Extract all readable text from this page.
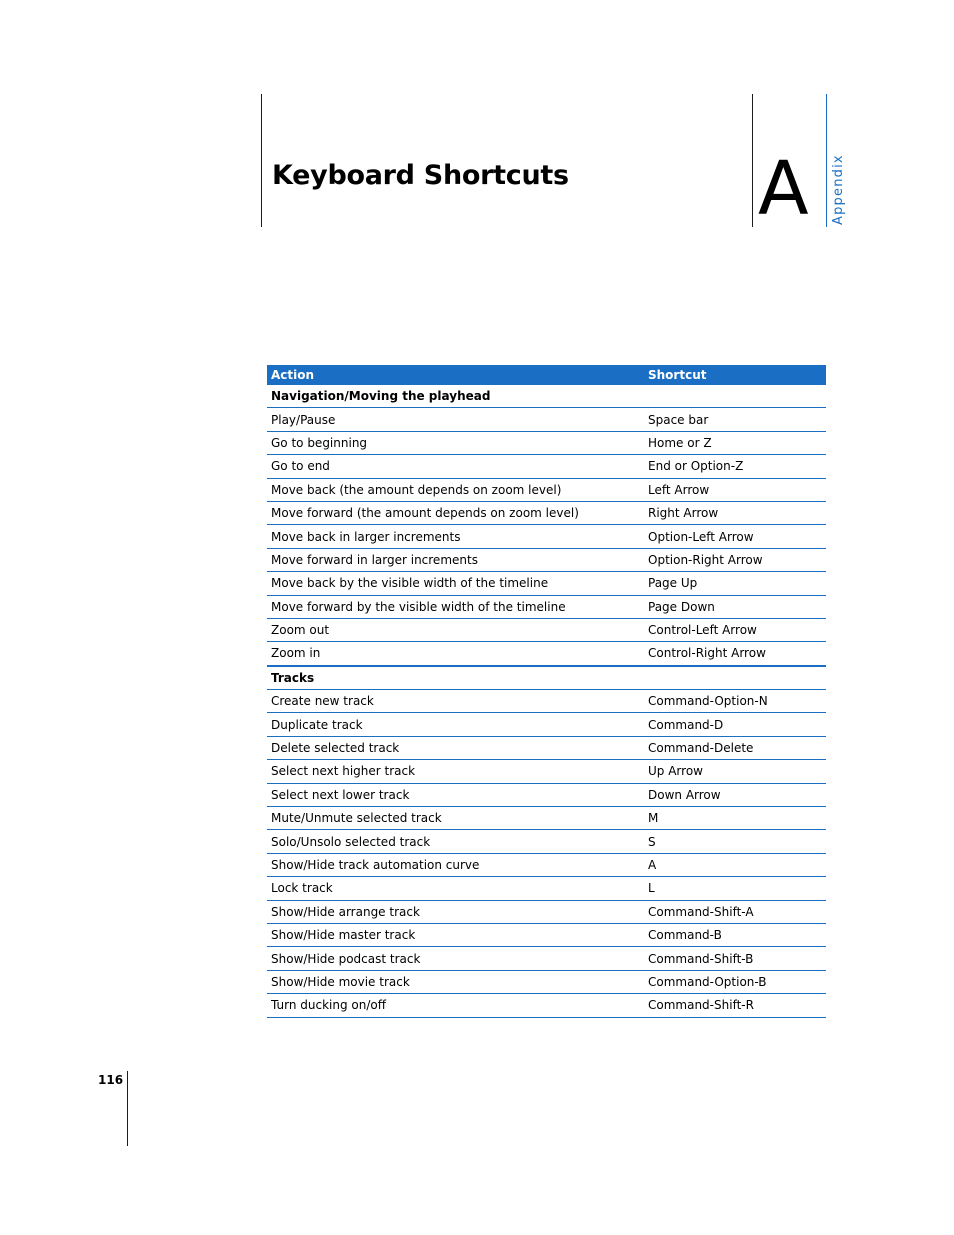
Keyboard Shortcuts	A Appendix
Action	Shortcut
Navigation/Moving the playhead	
Play/Pause	Space bar
Go to beginning	Home or Z
Go to end	End or Option-Z
Move back (the amount depends on zoom level)	Left Arrow
Move forward (the amount depends on zoom level)	Right Arrow
Move back in larger increments	Option-Left Arrow
Move forward in larger increments	Option-Right Arrow
Move back by the visible width of the timeline	Page Up
Move forward by the visible width of the timeline	Page Down
Zoom out	Control-Left Arrow
Zoom in	Control-Right Arrow
Tracks	
Create new track	Command-Option-N
Duplicate track	Command-D
Delete selected track	Command-Delete
Select next higher track	Up Arrow
Select next lower track	Down Arrow
Mute/Unmute selected track	M
Solo/Unsolo selected track	S
Show/Hide track automation curve	A
Lock track	L
Show/Hide arrange track	Command-Shift-A
Show/Hide master track	Command-B
Show/Hide podcast track	Command-Shift-B
Show/Hide movie track	Command-Option-B
Turn ducking on/off	Command-Shift-R
116
